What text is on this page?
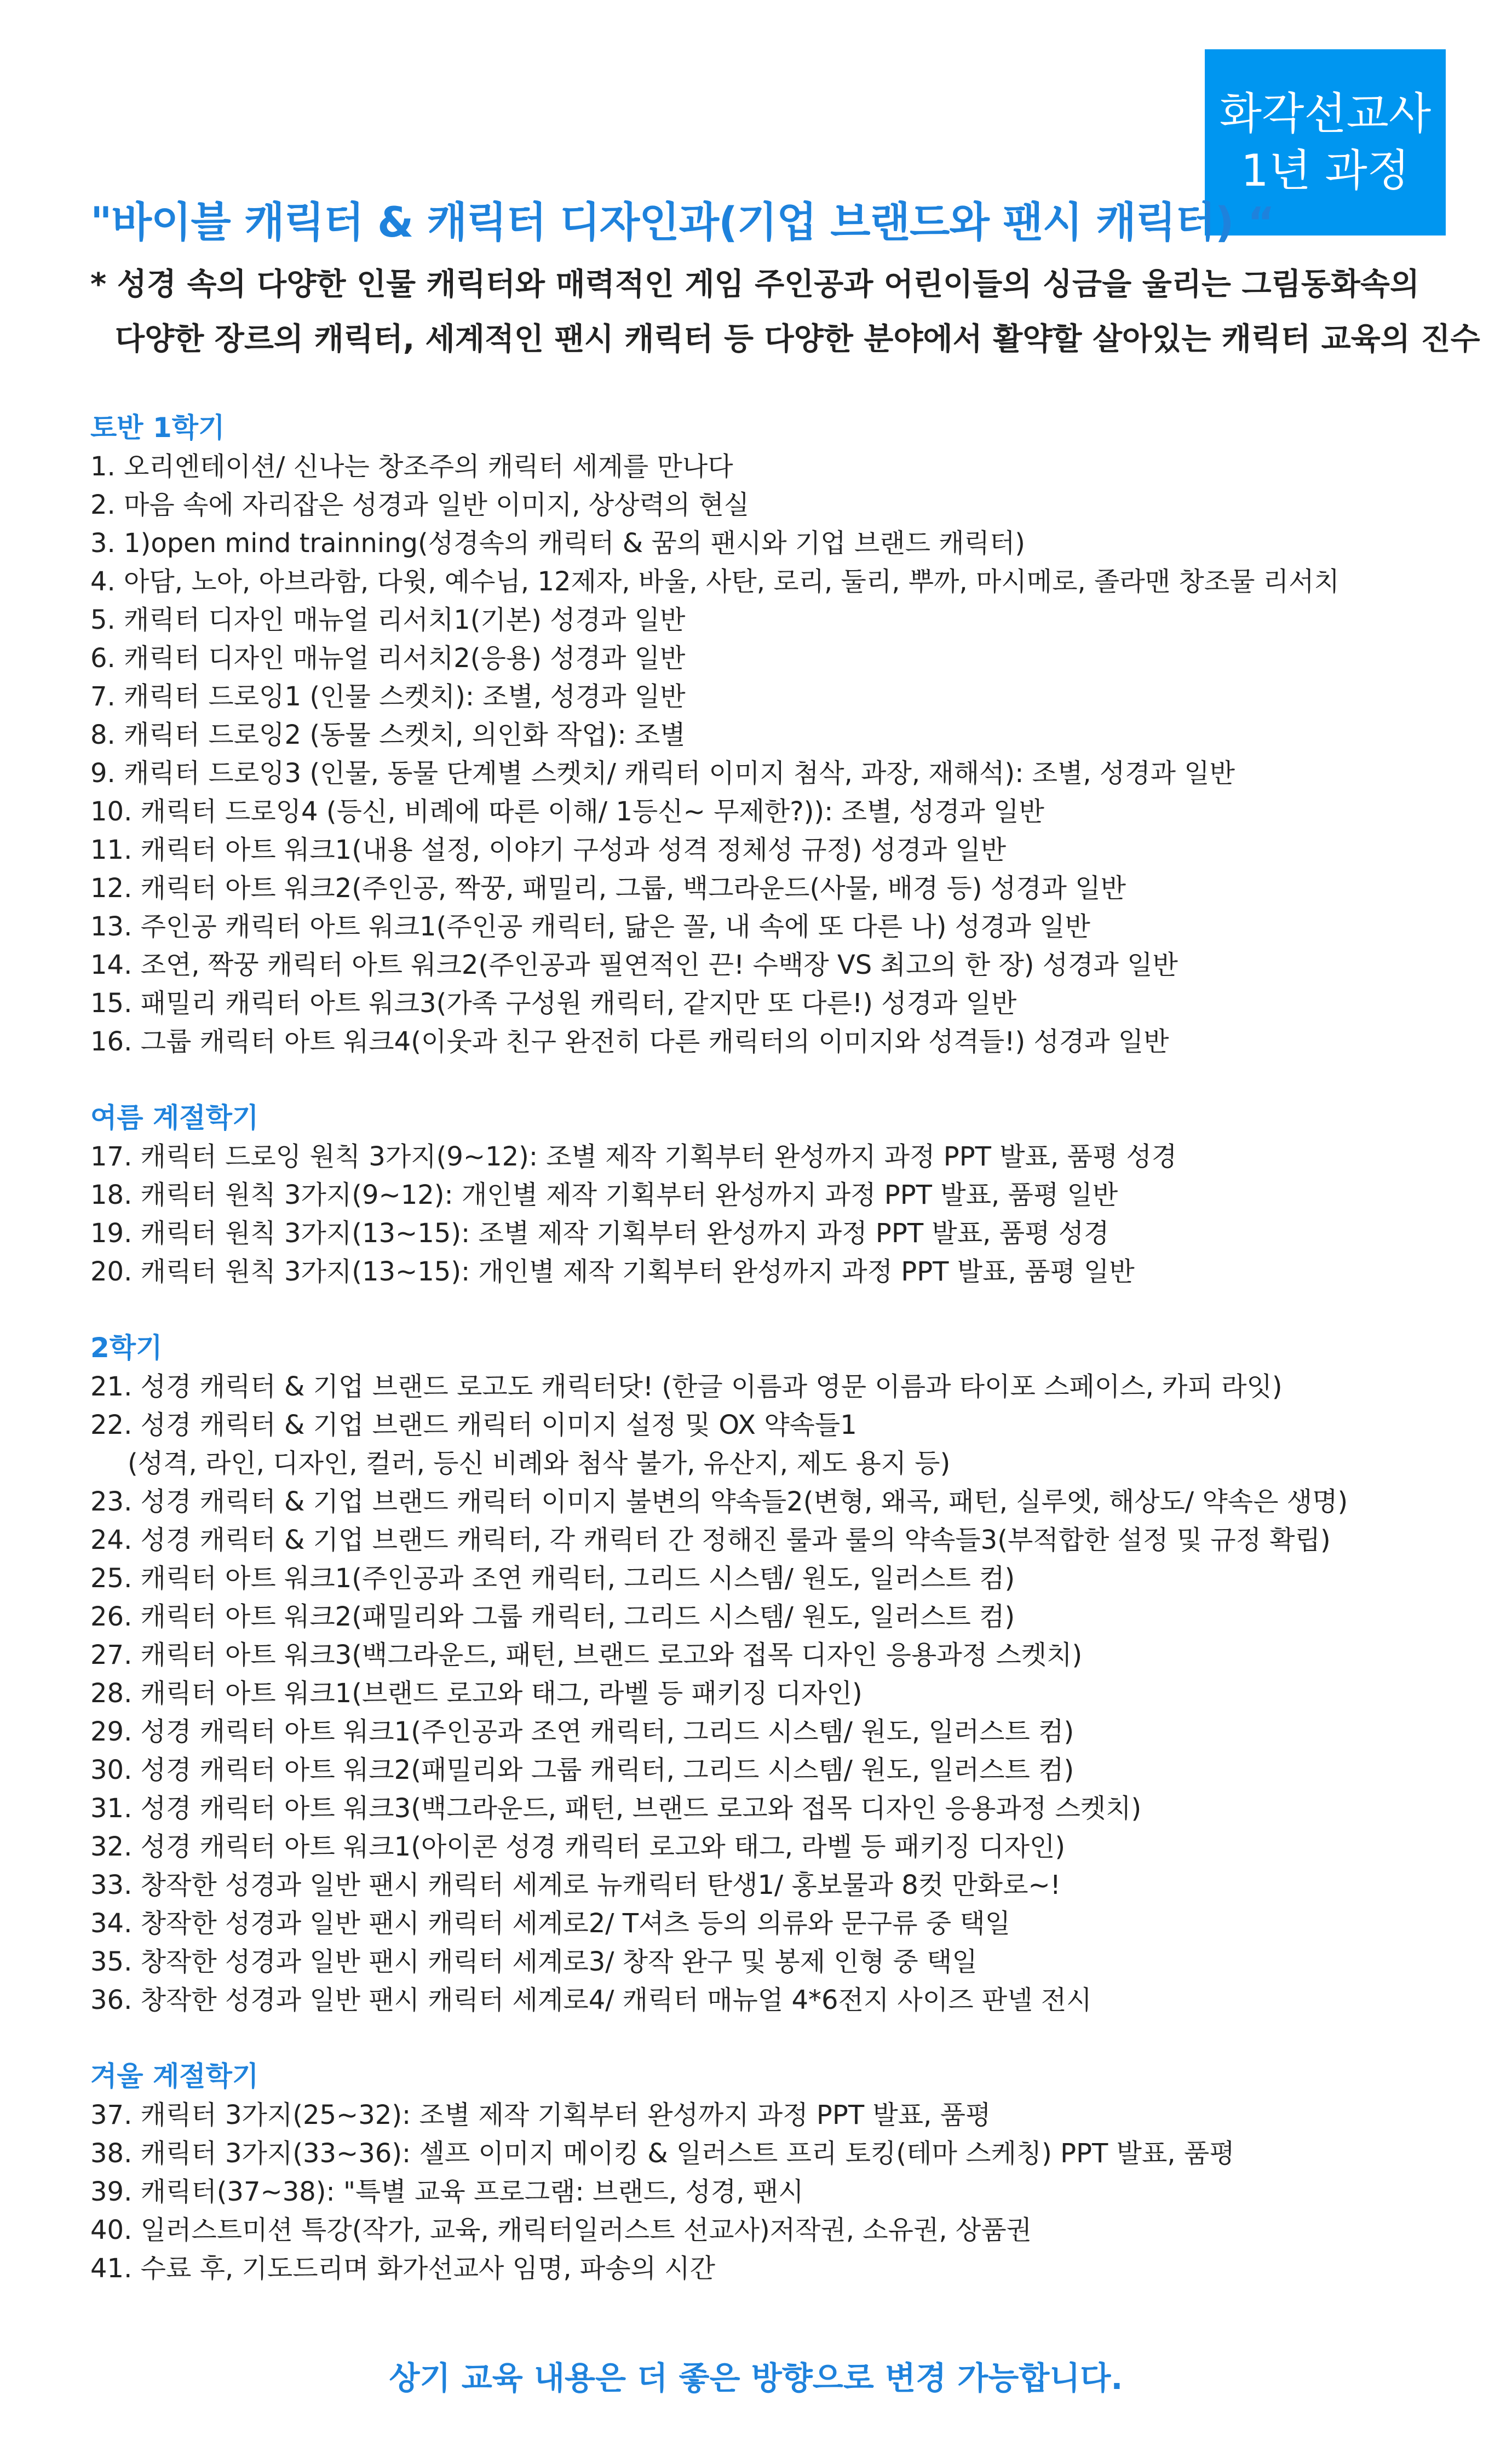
화각선교사
1년 과정
"바이블 캐릭터 & 캐릭터 디자인과(기업 브랜드와 팬시 캐릭터) “
* 성경 속의 다양한 인물 캐릭터와 매력적인 게임 주인공과 어린이들의 싱금을 울리는 그림동화속의
다양한 장르의 캐릭터, 세계적인 팬시 캐릭터 등 다양한 분야에서 활약할 살아있는 캐릭터 교육의 진수
토반 1학기
1. 오리엔테이션/ 신나는 창조주의 캐릭터 세계를 만나다
2. 마음 속에 자리잡은 성경과 일반 이미지, 상상력의 현실
3. 1)open mind trainning(성경속의 캐릭터 & 꿈의 팬시와 기업 브랜드 캐릭터)
4. 아담, 노아, 아브라함, 다윗, 예수님, 12제자, 바울, 사탄, 로리, 둘리, 뿌까, 마시메로, 졸라맨 창조물 리서치
5. 캐릭터 디자인 매뉴얼 리서치1(기본) 성경과 일반
6. 캐릭터 디자인 매뉴얼 리서치2(응용) 성경과 일반
7. 캐릭터 드로잉1 (인물 스켓치): 조별, 성경과 일반
8. 캐릭터 드로잉2 (동물 스켓치, 의인화 작업): 조별
9. 캐릭터 드로잉3 (인물, 동물 단계별 스켓치/ 캐릭터 이미지 첨삭, 과장, 재해석): 조별, 성경과 일반
10. 캐릭터 드로잉4 (등신, 비례에 따른 이해/ 1등신~ 무제한?)): 조별, 성경과 일반
11. 캐릭터 아트 워크1(내용 설정, 이야기 구성과 성격 정체성 규정) 성경과 일반
12. 캐릭터 아트 워크2(주인공, 짝꿍, 패밀리, 그룹, 백그라운드(사물, 배경 등) 성경과 일반
13. 주인공 캐릭터 아트 워크1(주인공 캐릭터, 닮은 꼴, 내 속에 또 다른 나) 성경과 일반
14. 조연, 짝꿍 캐릭터 아트 워크2(주인공과 필연적인 끈! 수백장 VS 최고의 한 장) 성경과 일반
15. 패밀리 캐릭터 아트 워크3(가족 구성원 캐릭터, 같지만 또 다른!) 성경과 일반
16. 그룹 캐릭터 아트 워크4(이웃과 친구 완전히 다른 캐릭터의 이미지와 성격들!) 성경과 일반
여름 계절학기
17. 캐릭터 드로잉 원칙 3가지(9~12): 조별 제작 기획부터 완성까지 과정 PPT 발표, 품평 성경
18. 캐릭터 원칙 3가지(9~12): 개인별 제작 기획부터 완성까지 과정 PPT 발표, 품평 일반
19. 캐릭터 원칙 3가지(13~15): 조별 제작 기획부터 완성까지 과정 PPT 발표, 품평 성경
20. 캐릭터 원칙 3가지(13~15): 개인별 제작 기획부터 완성까지 과정 PPT 발표, 품평 일반
2학기
21. 성경 캐릭터 & 기업 브랜드 로고도 캐릭터닷! (한글 이름과 영문 이름과 타이포 스페이스, 카피 라잇)
22. 성경 캐릭터 & 기업 브랜드 캐릭터 이미지 설정 및 OX 약속들1
(성격, 라인, 디자인, 컬러, 등신 비례와 첨삭 불가, 유산지, 제도 용지 등)
23. 성경 캐릭터 & 기업 브랜드 캐릭터 이미지 불변의 약속들2(변형, 왜곡, 패턴, 실루엣, 해상도/ 약속은 생명)
24. 성경 캐릭터 & 기업 브랜드 캐릭터, 각 캐릭터 간 정해진 룰과 룰의 약속들3(부적합한 설정 및 규정 확립)
25. 캐릭터 아트 워크1(주인공과 조연 캐릭터, 그리드 시스템/ 원도, 일러스트 컴)
26. 캐릭터 아트 워크2(패밀리와 그룹 캐릭터, 그리드 시스템/ 원도, 일러스트 컴)
27. 캐릭터 아트 워크3(백그라운드, 패턴, 브랜드 로고와 접목 디자인 응용과정 스켓치)
28. 캐릭터 아트 워크1(브랜드 로고와 태그, 라벨 등 패키징 디자인)
29. 성경 캐릭터 아트 워크1(주인공과 조연 캐릭터, 그리드 시스템/ 원도, 일러스트 컴)
30. 성경 캐릭터 아트 워크2(패밀리와 그룹 캐릭터, 그리드 시스템/ 원도, 일러스트 컴)
31. 성경 캐릭터 아트 워크3(백그라운드, 패턴, 브랜드 로고와 접목 디자인 응용과정 스켓치)
32. 성경 캐릭터 아트 워크1(아이콘 성경 캐릭터 로고와 태그, 라벨 등 패키징 디자인)
33. 창작한 성경과 일반 팬시 캐릭터 세계로 뉴캐릭터 탄생1/ 홍보물과 8컷 만화로~!
34. 창작한 성경과 일반 팬시 캐릭터 세계로2/ T셔츠 등의 의류와 문구류 중 택일
35. 창작한 성경과 일반 팬시 캐릭터 세계로3/ 창작 완구 및 봉제 인형 중 택일
36. 창작한 성경과 일반 팬시 캐릭터 세계로4/ 캐릭터 매뉴얼 4*6전지 사이즈 판넬 전시
겨울 계절학기
37. 캐릭터 3가지(25~32): 조별 제작 기획부터 완성까지 과정 PPT 발표, 품평
38. 캐릭터 3가지(33~36): 셀프 이미지 메이킹 & 일러스트 프리 토킹(테마 스케칭) PPT 발표, 품평
39. 캐릭터(37~38): "특별 교육 프로그램: 브랜드, 성경, 팬시
40. 일러스트미션 특강(작가, 교육, 캐릭터일러스트 선교사)저작권, 소유권, 상품권
41. 수료 후, 기도드리며 화가선교사 임명, 파송의 시간
상기 교육 내용은 더 좋은 방향으로 변경 가능합니다.
